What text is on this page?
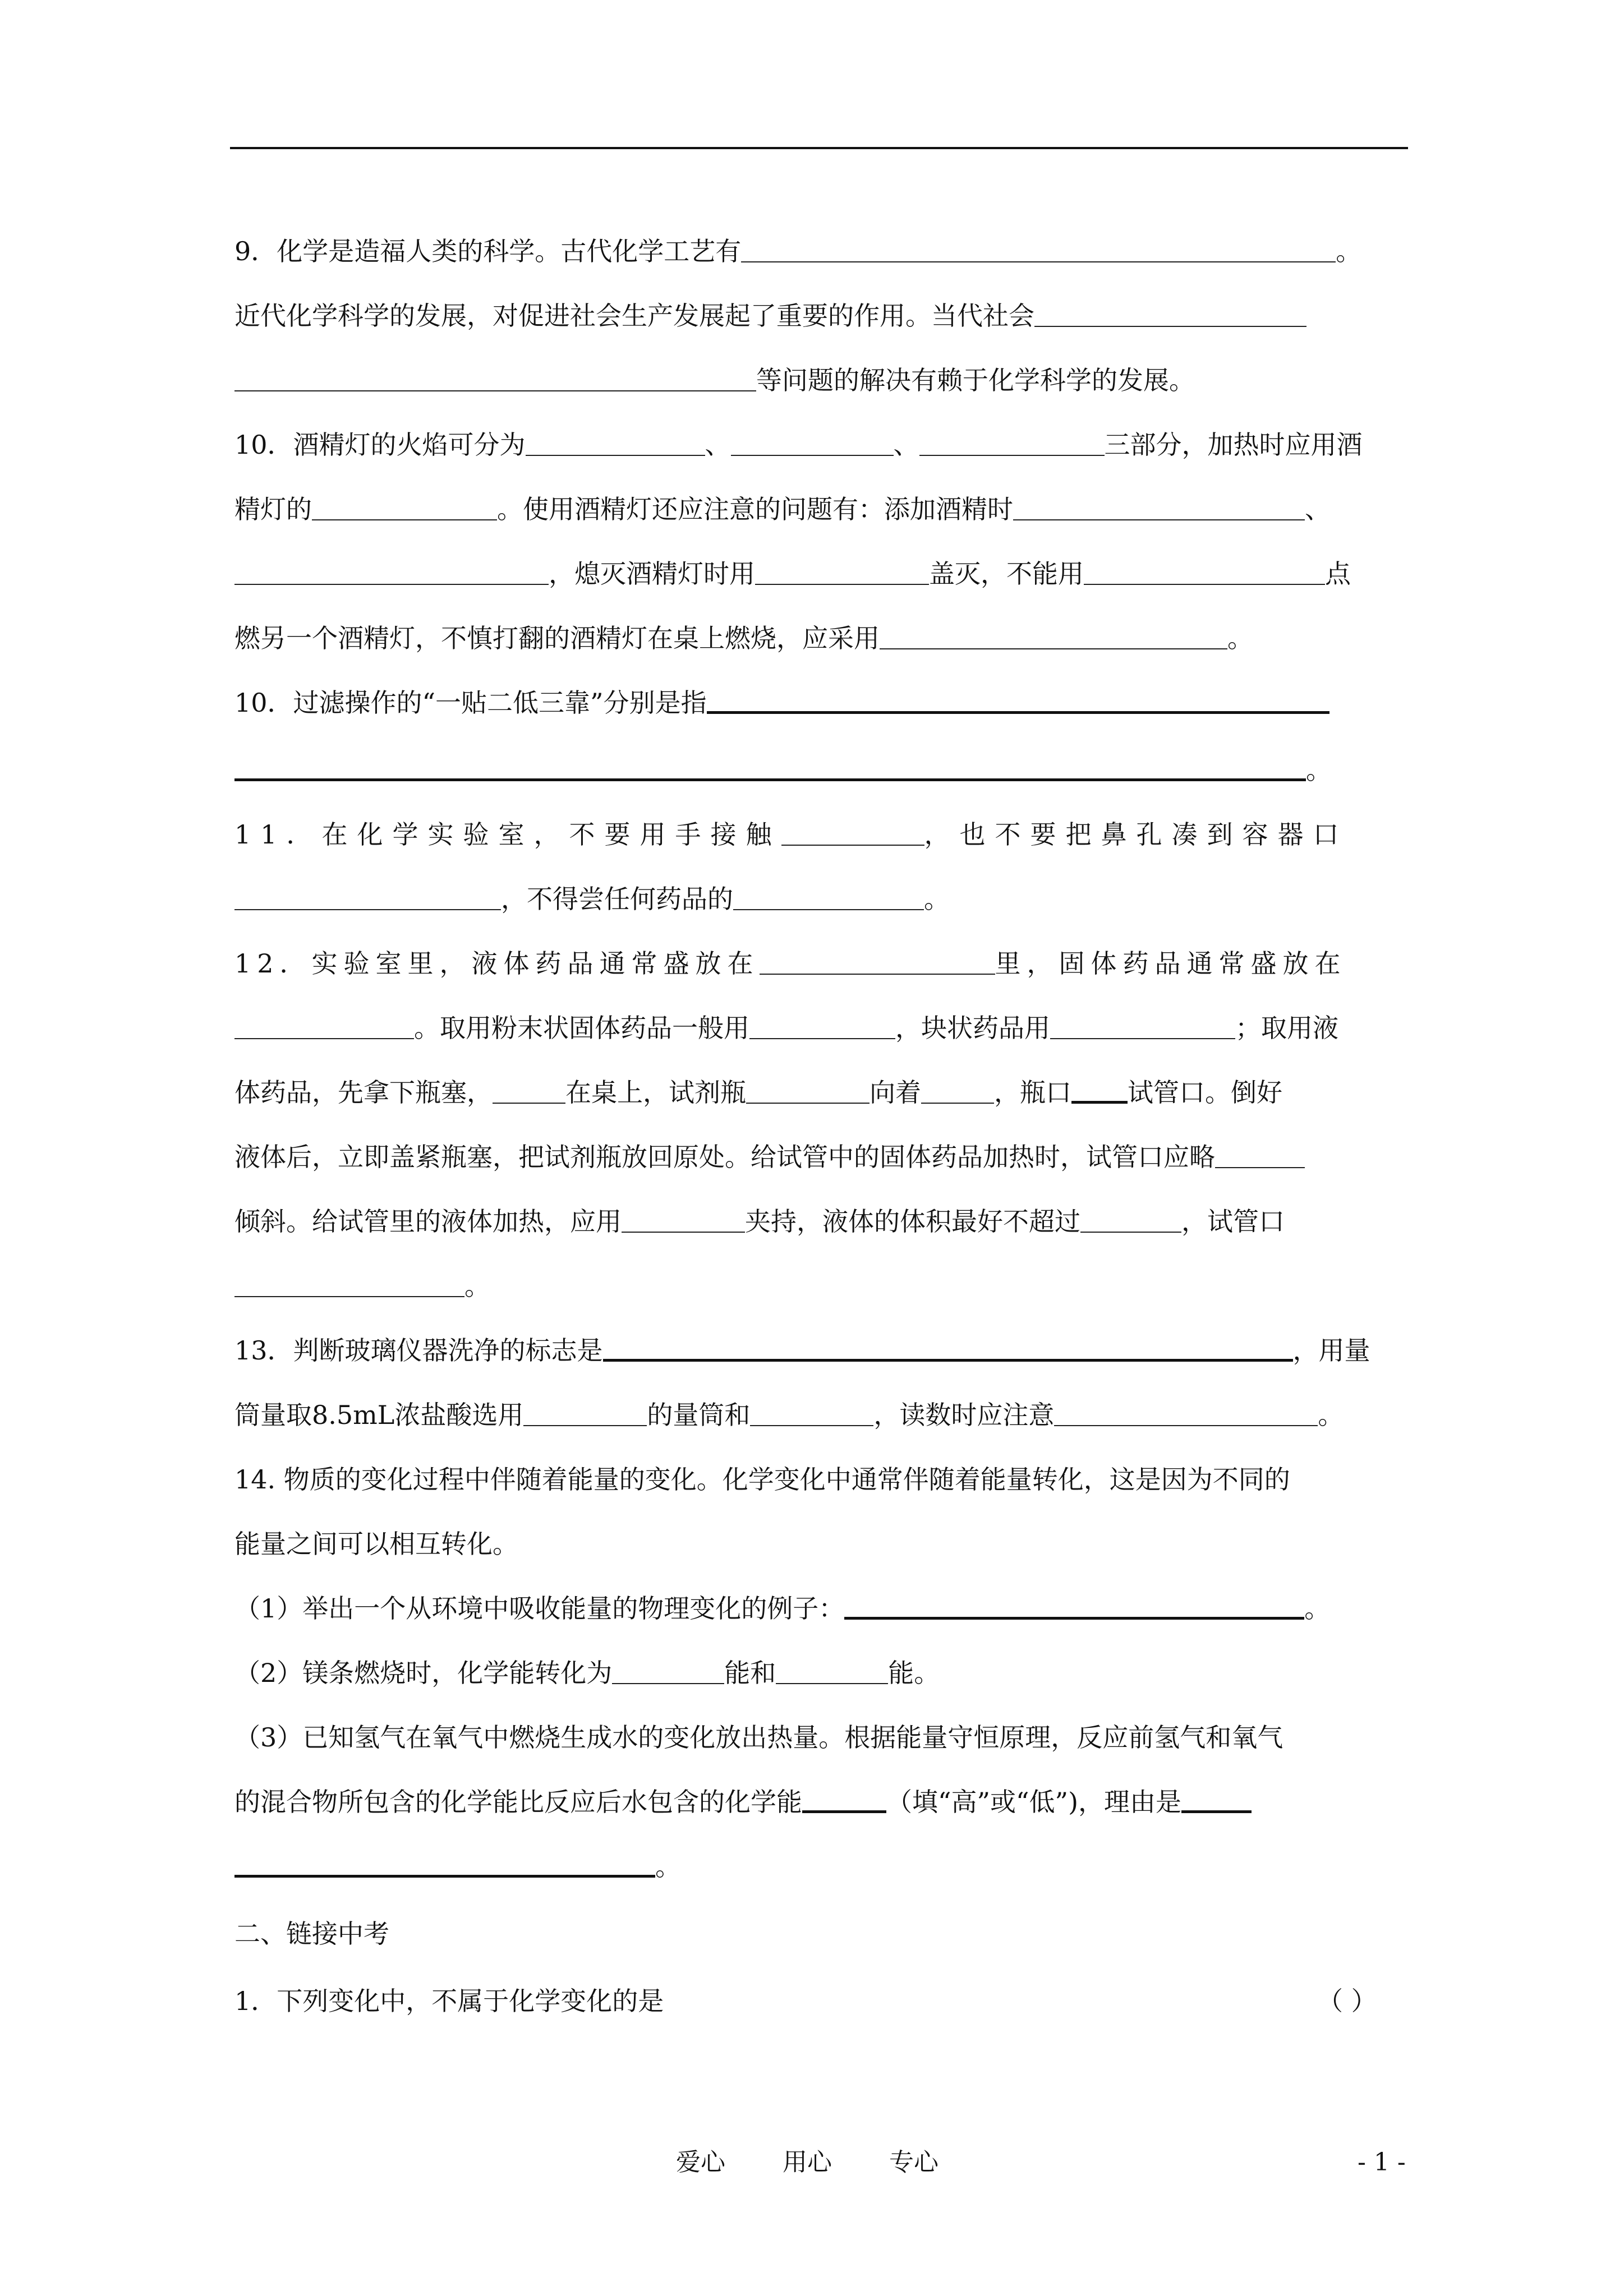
9．化学是造福人类的科学。古代化学工艺有	。
近代化学科学的发展，对促进社会生产发展起了重要的作用。当代社会
等问题的解决有赖于化学科学的发展。
10．酒精灯的火焰可分为	、	、	三部分，加热时应用酒
精灯的	。使用酒精灯还应注意的问题有：添加酒精时	、
，熄灭酒精灯时用	盖灭，不能用	点
燃另一个酒精灯，不慎打翻的酒精灯在桌上燃烧，应采用	。
10．过滤操作的“一贴二低三靠”分别是指
。
11．在化学实验室，不要用手接触	，也不要把鼻孔凑到容器口
，不得尝任何药品的	。
12．实验室里，液体药品通常盛放在	里，固体药品通常盛放在
。取用粉末状固体药品一般用	，块状药品用	；取用液
体药品，先拿下瓶塞，	在桌上，试剂瓶	向着	，瓶口 试管口。倒好
液体后，立即盖紧瓶塞，把试剂瓶放回原处。给试管中的固体药品加热时，试管口应略
倾斜。给试管里的液体加热，应用	夹持，液体的体积最好不超过	，试管口
。
13．判断玻璃仪器洗净的标志是	，用量
筒量取8.5mL浓盐酸选用	的量筒和	，读数时应注意	。
14. 物质的变化过程中伴随着能量的变化。化学变化中通常伴随着能量转化，这是因为不同的
能量之间可以相互转化。
（1）举出一个从环境中吸收能量的物理变化的例子：	。
（2）镁条燃烧时，化学能转化为	能和	能。
（3）已知氢气在氧气中燃烧生成水的变化放出热量。根据能量守恒原理，反应前氢气和氧气
的混合物所包含的化学能比反应后水包含的化学能	（填“高”或“低”)，理由是
。
二、链接中考
1．下列变化中，不属于化学变化的是	（ ）
爱心 用心 专心	- 1 -
